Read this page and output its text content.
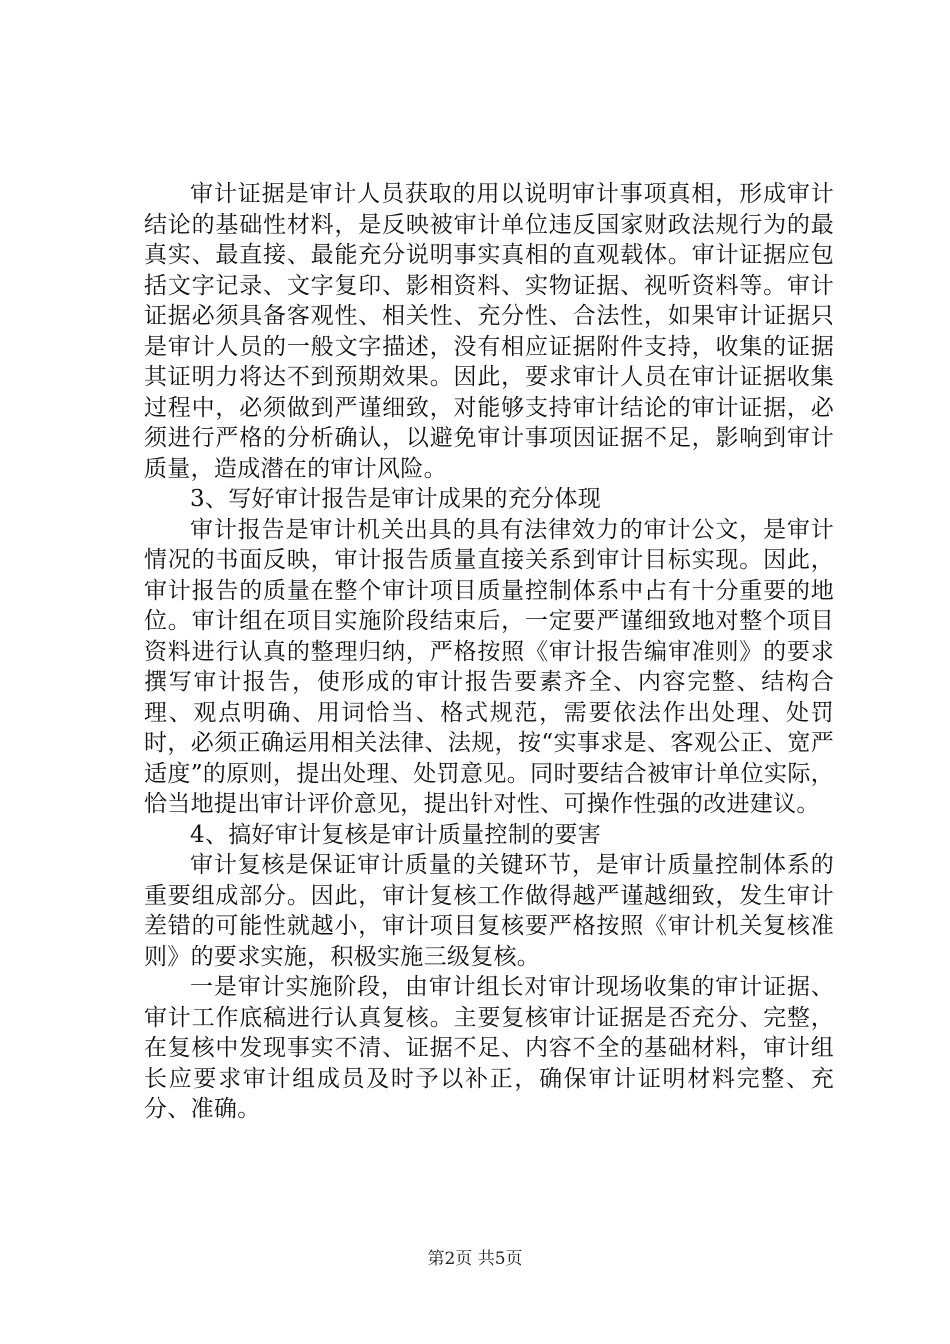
审计证据是审计人员获取的用以说明审计事项真相，形成审计结论的基础性材料，是反映被审计单位违反国家财政法规行为的最真实、最直接、最能充分说明事实真相的直观载体。审计证据应包括文字记录、文字复印、影相资料、实物证据、视听资料等。审计证据必须具备客观性、相关性、充分性、合法性，如果审计证据只是审计人员的一般文字描述，没有相应证据附件支持，收集的证据其证明力将达不到预期效果。因此，要求审计人员在审计证据收集过程中，必须做到严谨细致，对能够支持审计结论的审计证据，必须进行严格的分析确认，以避免审计事项因证据不足，影响到审计质量，造成潜在的审计风险。

3、写好审计报告是审计成果的充分体现

审计报告是审计机关出具的具有法律效力的审计公文，是审计情况的书面反映，审计报告质量直接关系到审计目标实现。因此，审计报告的质量在整个审计项目质量控制体系中占有十分重要的地位。审计组在项目实施阶段结束后，一定要严谨细致地对整个项目资料进行认真的整理归纳，严格按照《审计报告编审准则》的要求撰写审计报告，使形成的审计报告要素齐全、内容完整、结构合理、观点明确、用词恰当、格式规范，需要依法作出处理、处罚时，必须正确运用相关法律、法规，按“实事求是、客观公正、宽严适度”的原则，提出处理、处罚意见。同时要结合被审计单位实际，恰当地提出审计评价意见，提出针对性、可操作性强的改进建议。

4、搞好审计复核是审计质量控制的要害

审计复核是保证审计质量的关键环节，是审计质量控制体系的重要组成部分。因此，审计复核工作做得越严谨越细致，发生审计差错的可能性就越小，审计项目复核要严格按照《审计机关复核准则》的要求实施，积极实施三级复核。

一是审计实施阶段，由审计组长对审计现场收集的审计证据、审计工作底稿进行认真复核。主要复核审计证据是否充分、完整，在复核中发现事实不清、证据不足、内容不全的基础材料，审计组长应要求审计组成员及时予以补正，确保审计证明材料完整、充分、准确。

第2页 共5页
